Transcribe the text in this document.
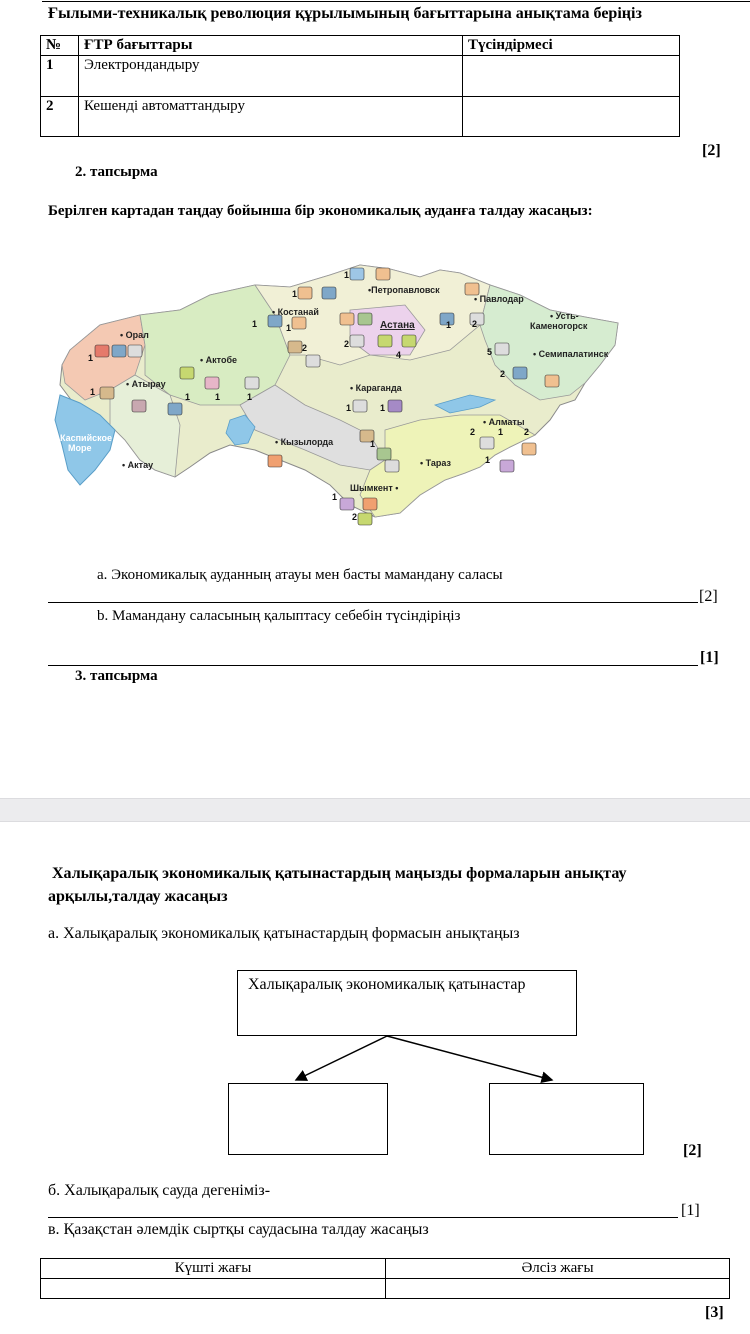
Ғылыми-техникалық революция құрылымының бағыттарына анықтама беріңіз
№	ҒТР бағыттары	Түсіндірмесі
1	Электрондандыру	
2	Кешенді автоматтандыру	
[2]
2. тапсырма
Берілген картадан таңдау бойынша бір экономикалық ауданға талдау жасаңыз:
1
1
1	1
2	2
4
1 2
5
2
1
1	1	1	1
1	1
1
2	1 2
1
1
2
•Петропавловск
• Павлодар
• Костанай	• Усть-
Каменогорск
• Орал
Астана
• Семипалатинск
• Актобе
• Атырау	• Караганда
Каспийское
Море
• Кызылорда
• Алматы
• Актау	• Тараз
Шымкент •
a. Экономикалық ауданның атауы мен басты мамандану саласы
[2]
b. Мамандану саласының қалыптасу себебін түсіндіріңіз
[1]
3. тапсырма
Халықаралық экономикалық қатынастардың маңызды формаларын анықтау
арқылы,талдау жасаңыз
а. Халықаралық экономикалық қатынастардың формасын анықтаңыз
Халықаралық экономикалық қатынастар
[2]
б. Халықаралық сауда дегеніміз-
[1]
в. Қазақстан әлемдік сыртқы саудасына талдау жасаңыз
Күшті жағы	Әлсіз жағы

[3]
